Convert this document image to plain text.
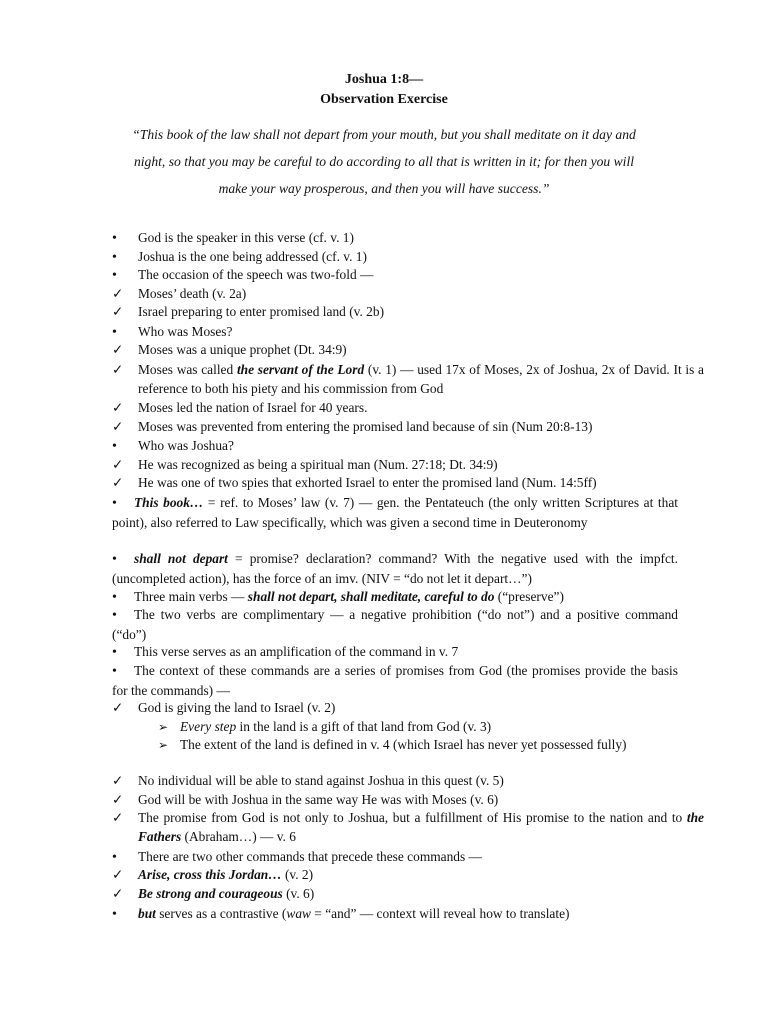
Joshua 1:8—
Observation Exercise
“This book of the law shall not depart from your mouth, but you shall meditate on it day and
night, so that you may be careful to do according to all that is written in it; for then you will
make your way prosperous, and then you will have success.”
• God is the speaker in this verse (cf. v. 1)
• Joshua is the one being addressed (cf. v. 1)
• The occasion of the speech was two-fold —
✓ Moses’ death (v. 2a)
✓ Israel preparing to enter promised land (v. 2b)
• Who was Moses?
✓ Moses was a unique prophet (Dt. 34:9)
✓ Moses was called the servant of the Lord (v. 1) — used 17x of Moses, 2x of Joshua, 2x of David. It is a reference to both his piety and his commission from God
✓ Moses led the nation of Israel for 40 years.
✓ Moses was prevented from entering the promised land because of sin (Num 20:8-13)
• Who was Joshua?
✓ He was recognized as being a spiritual man (Num. 27:18; Dt. 34:9)
✓ He was one of two spies that exhorted Israel to enter the promised land (Num. 14:5ff)
• This book… = ref. to Moses’ law (v. 7) — gen. the Pentateuch (the only written Scriptures at that point), also referred to Law specifically, which was given a second time in Deuteronomy
• shall not depart = promise? declaration? command? With the negative used with the impfct. (uncompleted action), has the force of an imv. (NIV = “do not let it depart…”)
• Three main verbs — shall not depart, shall meditate, careful to do (“preserve”)
• The two verbs are complimentary — a negative prohibition (“do not”) and a positive command (“do”)
• This verse serves as an amplification of the command in v. 7
• The context of these commands are a series of promises from God (the promises provide the basis for the commands) —
✓ God is giving the land to Israel (v. 2)
➢ Every step in the land is a gift of that land from God (v. 3)
➢ The extent of the land is defined in v. 4 (which Israel has never yet possessed fully)
✓ No individual will be able to stand against Joshua in this quest (v. 5)
✓ God will be with Joshua in the same way He was with Moses (v. 6)
✓ The promise from God is not only to Joshua, but a fulfillment of His promise to the nation and to the Fathers (Abraham…) — v. 6
• There are two other commands that precede these commands —
✓ Arise, cross this Jordan… (v. 2)
✓ Be strong and courageous (v. 6)
• but serves as a contrastive (waw = “and” — context will reveal how to translate)
